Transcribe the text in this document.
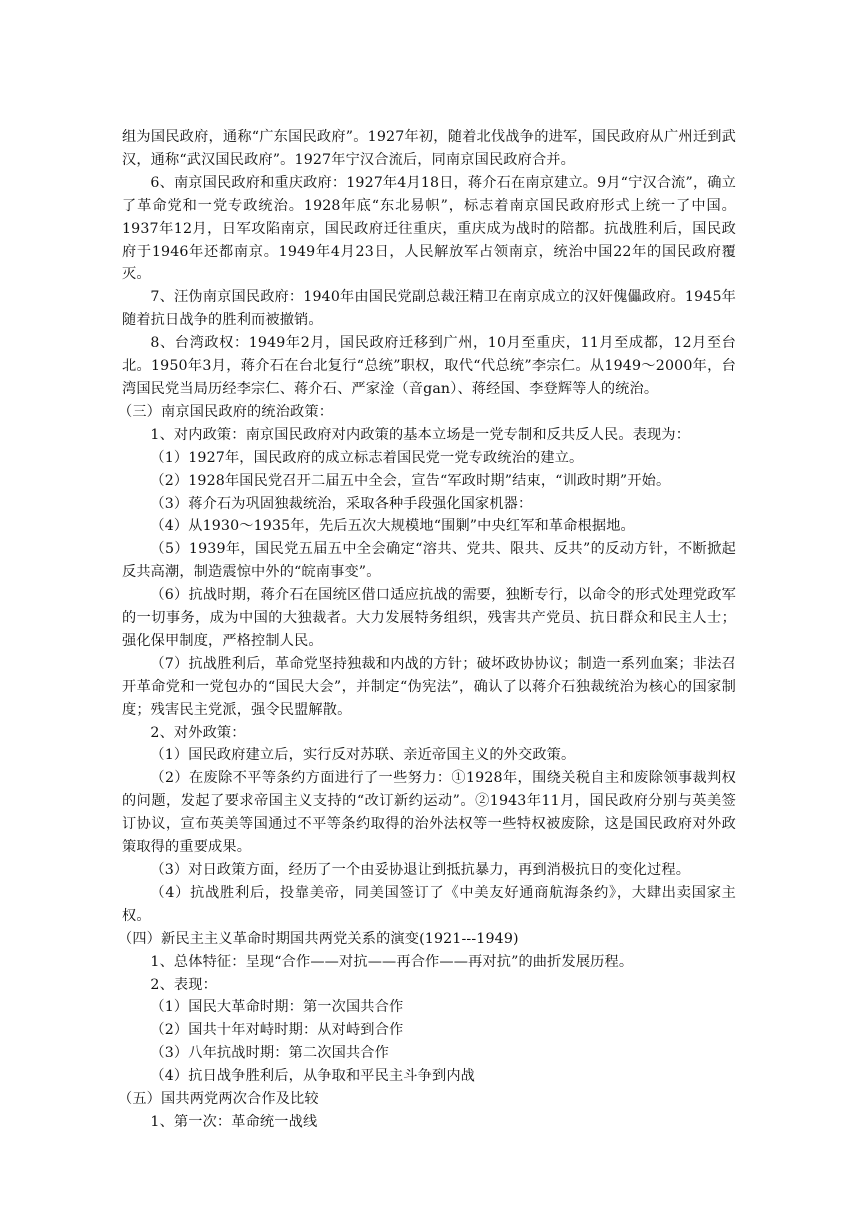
组为国民政府，通称“广东国民政府”。1927年初，随着北伐战争的进军，国民政府从广州迁到武汉，通称“武汉国民政府”。1927年宁汉合流后，同南京国民政府合并。

6、南京国民政府和重庆政府：1927年4月18日，蒋介石在南京建立。9月“宁汉合流”，确立了革命党和一党专政统治。1928年底“东北易帜”，标志着南京国民政府形式上统一了中国。1937年12月，日军攻陷南京，国民政府迁往重庆，重庆成为战时的陪都。抗战胜利后，国民政府于1946年还都南京。1949年4月23日，人民解放军占领南京，统治中国22年的国民政府覆灭。

7、汪伪南京国民政府：1940年由国民党副总裁汪精卫在南京成立的汉奸傀儡政府。1945年随着抗日战争的胜利而被撤销。

8、台湾政权：1949年2月，国民政府迁移到广州，10月至重庆，11月至成都，12月至台北。1950年3月，蒋介石在台北复行“总统”职权，取代“代总统”李宗仁。从1949～2000年，台湾国民党当局历经李宗仁、蒋介石、严家淦（音gan）、蒋经国、李登辉等人的统治。

（三）南京国民政府的统治政策：

1、对内政策：南京国民政府对内政策的基本立场是一党专制和反共反人民。表现为：

（1）1927年，国民政府的成立标志着国民党一党专政统治的建立。

（2）1928年国民党召开二届五中全会，宣告“军政时期”结束，“训政时期”开始。

（3）蒋介石为巩固独裁统治，采取各种手段强化国家机器：

（4）从1930～1935年，先后五次大规模地“围剿”中央红军和革命根据地。

（5）1939年，国民党五届五中全会确定“溶共、党共、限共、反共”的反动方针，不断掀起反共高潮，制造震惊中外的“皖南事变”。

（6）抗战时期，蒋介石在国统区借口适应抗战的需要，独断专行，以命令的形式处理党政军的一切事务，成为中国的大独裁者。大力发展特务组织，残害共产党员、抗日群众和民主人士；强化保甲制度，严格控制人民。

（7）抗战胜利后，革命党坚持独裁和内战的方针；破坏政协协议；制造一系列血案；非法召开革命党和一党包办的“国民大会”，并制定“伪宪法”，确认了以蒋介石独裁统治为核心的国家制度；残害民主党派，强令民盟解散。

2、对外政策：

（1）国民政府建立后，实行反对苏联、亲近帝国主义的外交政策。

（2）在废除不平等条约方面进行了一些努力：①1928年，围绕关税自主和废除领事裁判权的问题，发起了要求帝国主义支持的“改订新约运动”。②1943年11月，国民政府分别与英美签订协议，宣布英美等国通过不平等条约取得的治外法权等一些特权被废除，这是国民政府对外政策取得的重要成果。

（3）对日政策方面，经历了一个由妥协退让到抵抗暴力，再到消极抗日的变化过程。

（4）抗战胜利后，投靠美帝，同美国签订了《中美友好通商航海条约》，大肆出卖国家主权。

（四）新民主主义革命时期国共两党关系的演变(1921---1949)

1、总体特征：呈现“合作——对抗——再合作——再对抗”的曲折发展历程。

2、表现：

（1）国民大革命时期：第一次国共合作

（2）国共十年对峙时期：从对峙到合作

（3）八年抗战时期：第二次国共合作

（4）抗日战争胜利后，从争取和平民主斗争到内战

（五）国共两党两次合作及比较

1、第一次：革命统一战线
